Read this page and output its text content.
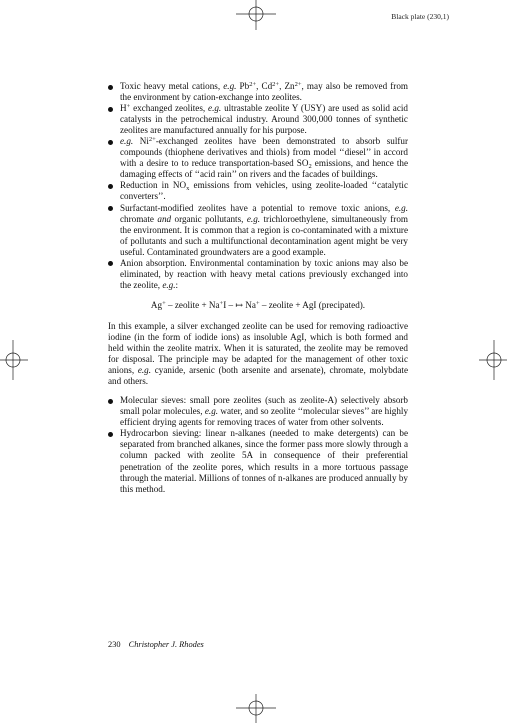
Black plate (230,1)
Toxic heavy metal cations, e.g. $Pb^{2+}$, $Cd^{2+}$, $Zn^{2+}$, may also be removed from the environment by cation-exchange into zeolites.
H+ exchanged zeolites, e.g. ultrastable zeolite Y (USY) are used as solid acid catalysts in the petrochemical industry. Around 300,000 tonnes of synthetic zeolites are manufactured annually for his purpose.
e.g. $Ni^{2+}$-exchanged zeolites have been demonstrated to absorb sulfur compounds (thiophene derivatives and thiols) from model ‘‘diesel’’ in accord with a desire to to reduce transportation-based $SO_2$ emissions, and hence the damaging effects of ‘‘acid rain’’ on rivers and the facades of buildings.
Reduction in $NO_x$ emissions from vehicles, using zeolite-loaded ‘‘catalytic converters’’.
Surfactant-modified zeolites have a potential to remove toxic anions, e.g. chromate and organic pollutants, e.g. trichloroethylene, simultaneously from the environment. It is common that a region is co-contaminated with a mixture of pollutants and such a multifunctional decontamination agent might be very useful. Contaminated groundwaters are a good example.
Anion absorption. Environmental contamination by toxic anions may also be eliminated, by reaction with heavy metal cations previously exchanged into the zeolite, e.g.:
Ag+ – zeolite + Na+I – ↦ Na+ – zeolite + AgI (precipated).

In this example, a silver exchanged zeolite can be used for removing radioactive iodine (in the form of iodide ions) as insoluble AgI, which is both formed and held within the zeolite matrix. When it is saturated, the zeolite may be removed for disposal. The principle may be adapted for the management of other toxic anions, e.g. cyanide, arsenic (both arsenite and arsenate), chromate, molybdate and others.

Molecular sieves: small pore zeolites (such as zeolite-A) selectively absorb small polar molecules, e.g. water, and so zeolite ‘‘molecular sieves’’ are highly efficient drying agents for removing traces of water from other solvents.
Hydrocarbon sieving: linear n-alkanes (needed to make detergents) can be separated from branched alkanes, since the former pass more slowly through a column packed with zeolite 5A in consequence of their preferential penetration of the zeolite pores, which results in a more tortuous passage through the material. Millions of tonnes of n-alkanes are produced annually by this method.
230 Christopher J. Rhodes
